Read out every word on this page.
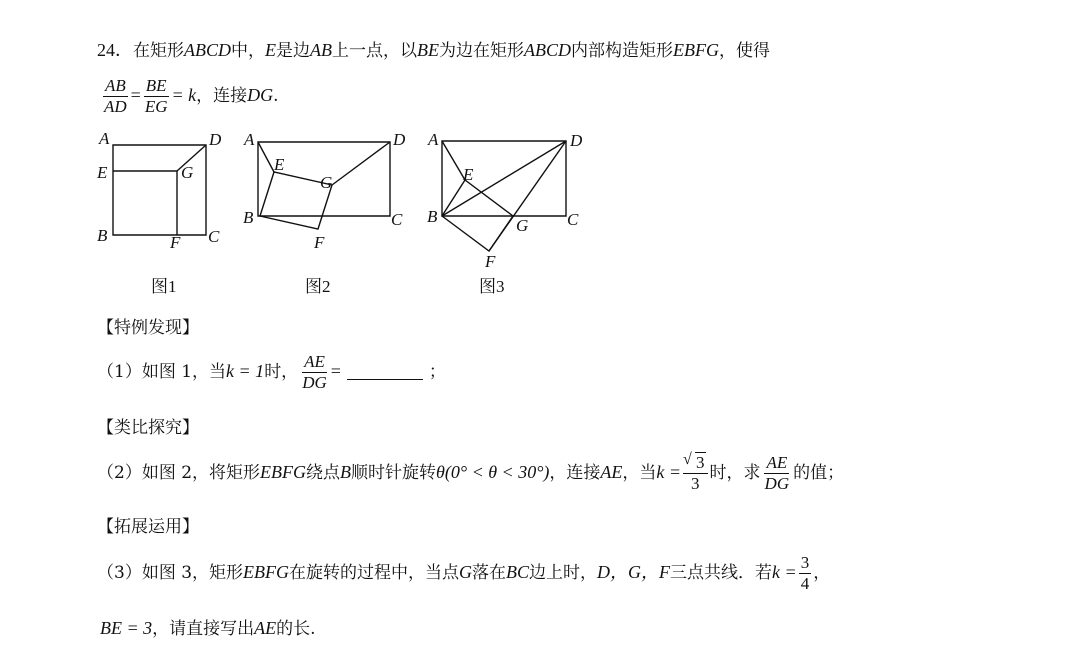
24．在矩形ABCD中，E是边AB上一点，以BE为边在矩形ABCD内部构造矩形EBFG，使得
$\frac{AB}{AD} = \frac{BE}{EG} = k$，连接DG.
A	D
E	G
B	F C
图1
A	D
E
G
B	C
F
图2
A	D
E
B	G C
F
图3
【特例发现】
（1）如图 1，当k = 1时， $\frac{AE}{DG}$ =	；
【类比探究】
（2）如图 2，将矩形EBFG绕点B顺时针旋转θ(0° < θ < 30°)，连接AE，当$k = \frac{√ 3}{3}$ 时，求 $\frac{AE}{DG}$ 的值；
【拓展运用】
（3）如图 3，矩形EBFG在旋转的过程中，当点G落在BC边上时，D，G，F三点共线．若$k = \frac{3}{4}$ ，
BE = 3，请直接写出AE的长.
